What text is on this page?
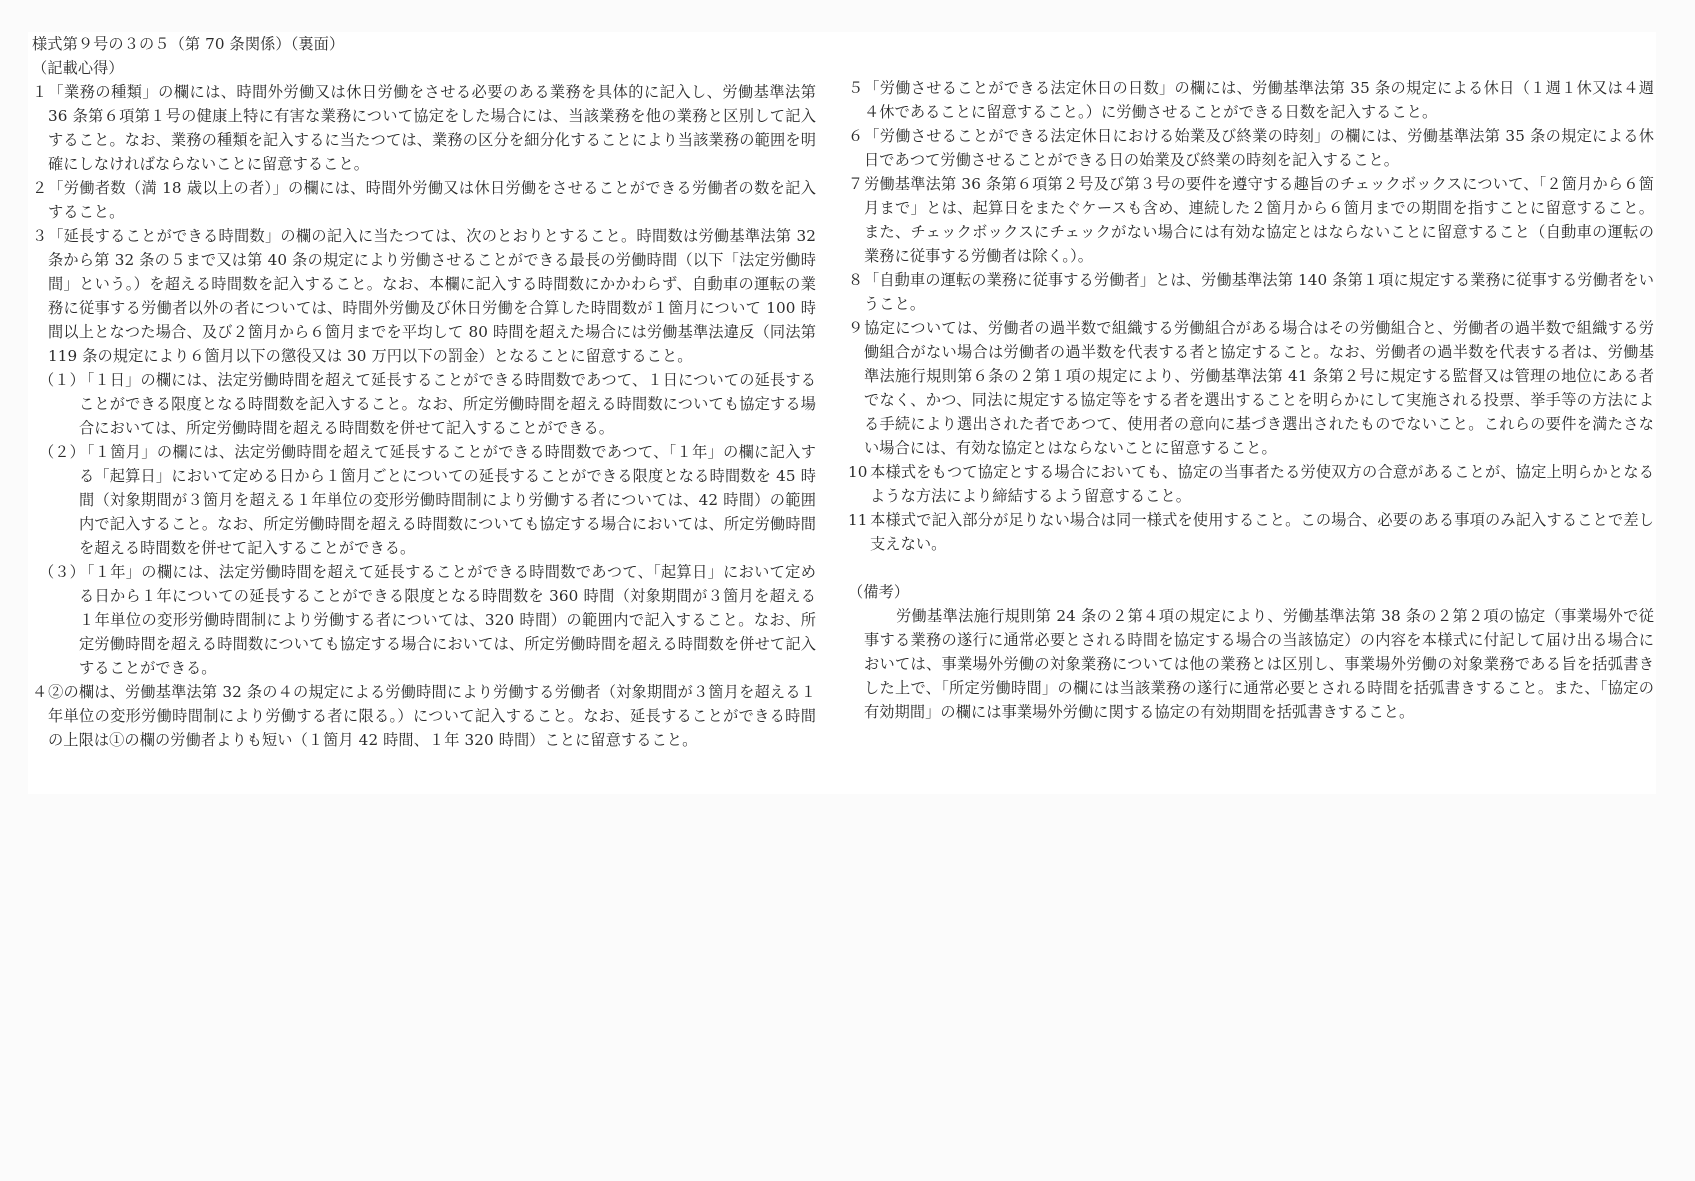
様式第９号の３の５（第 70 条関係）（裏面）

（記載心得）

１「業務の種類」の欄には、時間外労働又は休日労働をさせる必要のある業務を具体的に記入し、労働基準法第 36 条第６項第１号の健康上特に有害な業務について協定をした場合には、当該業務を他の業務と区別して記入すること。なお、業務の種類を記入するに当たつては、業務の区分を細分化することにより当該業務の範囲を明確にしなければならないことに留意すること。

２「労働者数（満 18 歳以上の者）」の欄には、時間外労働又は休日労働をさせることができる労働者の数を記入すること。

３「延長することができる時間数」の欄の記入に当たつては、次のとおりとすること。時間数は労働基準法第 32 条から第 32 条の５まで又は第 40 条の規定により労働させることができる最長の労働時間（以下「法定労働時間」という。）を超える時間数を記入すること。なお、本欄に記入する時間数にかかわらず、自動車の運転の業務に従事する労働者以外の者については、時間外労働及び休日労働を合算した時間数が１箇月について 100 時間以上となつた場合、及び２箇月から６箇月までを平均して 80 時間を超えた場合には労働基準法違反（同法第 119 条の規定により６箇月以下の懲役又は 30 万円以下の罰金）となることに留意すること。

（１）「１日」の欄には、法定労働時間を超えて延長することができる時間数であつて、１日についての延長することができる限度となる時間数を記入すること。なお、所定労働時間を超える時間数についても協定する場合においては、所定労働時間を超える時間数を併せて記入することができる。

（２）「１箇月」の欄には、法定労働時間を超えて延長することができる時間数であつて、「１年」の欄に記入する「起算日」において定める日から１箇月ごとについての延長することができる限度となる時間数を 45 時間（対象期間が３箇月を超える１年単位の変形労働時間制により労働する者については、42 時間）の範囲内で記入すること。なお、所定労働時間を超える時間数についても協定する場合においては、所定労働時間を超える時間数を併せて記入することができる。

（３）「１年」の欄には、法定労働時間を超えて延長することができる時間数であつて、「起算日」において定める日から１年についての延長することができる限度となる時間数を 360 時間（対象期間が３箇月を超える１年単位の変形労働時間制により労働する者については、320 時間）の範囲内で記入すること。なお、所定労働時間を超える時間数についても協定する場合においては、所定労働時間を超える時間数を併せて記入することができる。

４②の欄は、労働基準法第 32 条の４の規定による労働時間により労働する労働者（対象期間が３箇月を超える１年単位の変形労働時間制により労働する者に限る。）について記入すること。なお、延長することができる時間の上限は①の欄の労働者よりも短い（１箇月 42 時間、１年 320 時間）ことに留意すること。

５「労働させることができる法定休日の日数」の欄には、労働基準法第 35 条の規定による休日（１週１休又は４週４休であることに留意すること。）に労働させることができる日数を記入すること。

６「労働させることができる法定休日における始業及び終業の時刻」の欄には、労働基準法第 35 条の規定による休日であつて労働させることができる日の始業及び終業の時刻を記入すること。

７労働基準法第 36 条第６項第２号及び第３号の要件を遵守する趣旨のチェックボックスについて、「２箇月から６箇月まで」とは、起算日をまたぐケースも含め、連続した２箇月から６箇月までの期間を指すことに留意すること。また、チェックボックスにチェックがない場合には有効な協定とはならないことに留意すること（自動車の運転の業務に従事する労働者は除く。）。

８「自動車の運転の業務に従事する労働者」とは、労働基準法第 140 条第１項に規定する業務に従事する労働者をいうこと。

９協定については、労働者の過半数で組織する労働組合がある場合はその労働組合と、労働者の過半数で組織する労働組合がない場合は労働者の過半数を代表する者と協定すること。なお、労働者の過半数を代表する者は、労働基準法施行規則第６条の２第１項の規定により、労働基準法第 41 条第２号に規定する監督又は管理の地位にある者でなく、かつ、同法に規定する協定等をする者を選出することを明らかにして実施される投票、挙手等の方法による手続により選出された者であつて、使用者の意向に基づき選出されたものでないこと。これらの要件を満たさない場合には、有効な協定とはならないことに留意すること。

10 本様式をもつて協定とする場合においても、協定の当事者たる労使双方の合意があることが、協定上明らかとなるような方法により締結するよう留意すること。

11 本様式で記入部分が足りない場合は同一様式を使用すること。この場合、必要のある事項のみ記入することで差し支えない。

（備考）

労働基準法施行規則第 24 条の２第４項の規定により、労働基準法第 38 条の２第２項の協定（事業場外で従事する業務の遂行に通常必要とされる時間を協定する場合の当該協定）の内容を本様式に付記して届け出る場合においては、事業場外労働の対象業務については他の業務とは区別し、事業場外労働の対象業務である旨を括弧書きした上で、「所定労働時間」の欄には当該業務の遂行に通常必要とされる時間を括弧書きすること。また、「協定の有効期間」の欄には事業場外労働に関する協定の有効期間を括弧書きすること。
